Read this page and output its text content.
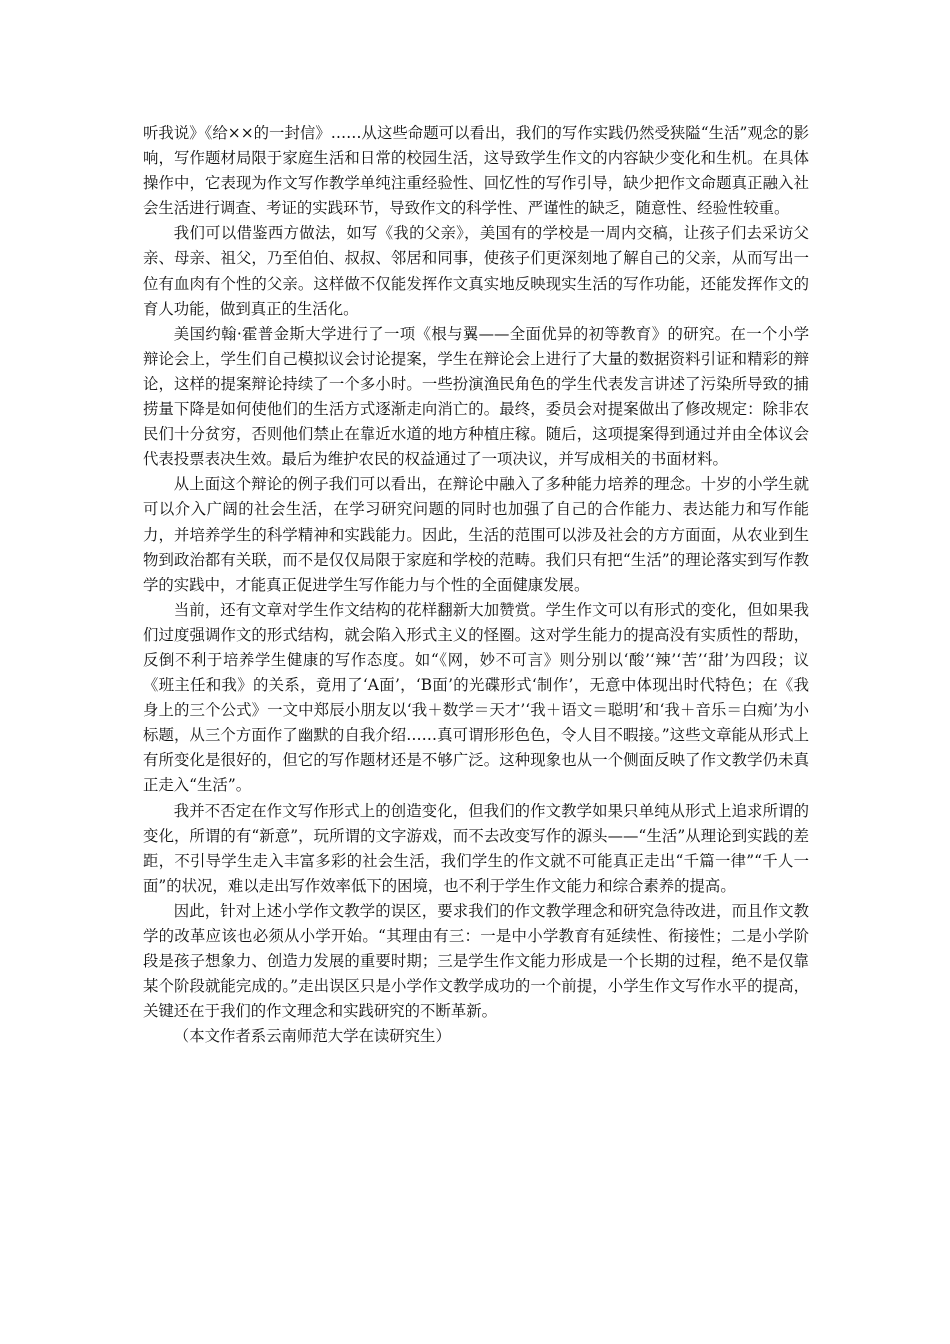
听我说》《给××的一封信》……从这些命题可以看出，我们的写作实践仍然受狭隘“生活”观念的影响，写作题材局限于家庭生活和日常的校园生活，这导致学生作文的内容缺少变化和生机。在具体操作中，它表现为作文写作教学单纯注重经验性、回忆性的写作引导，缺少把作文命题真正融入社会生活进行调查、考证的实践环节，导致作文的科学性、严谨性的缺乏，随意性、经验性较重。

我们可以借鉴西方做法，如写《我的父亲》，美国有的学校是一周内交稿，让孩子们去采访父亲、母亲、祖父，乃至伯伯、叔叔、邻居和同事，使孩子们更深刻地了解自己的父亲，从而写出一位有血肉有个性的父亲。这样做不仅能发挥作文真实地反映现实生活的写作功能，还能发挥作文的育人功能，做到真正的生活化。

美国约翰·霍普金斯大学进行了一项《根与翼——全面优异的初等教育》的研究。在一个小学辩论会上，学生们自己模拟议会讨论提案，学生在辩论会上进行了大量的数据资料引证和精彩的辩论，这样的提案辩论持续了一个多小时。一些扮演渔民角色的学生代表发言讲述了污染所导致的捕捞量下降是如何使他们的生活方式逐渐走向消亡的。最终，委员会对提案做出了修改规定：除非农民们十分贫穷，否则他们禁止在靠近水道的地方种植庄稼。随后，这项提案得到通过并由全体议会代表投票表决生效。最后为维护农民的权益通过了一项决议，并写成相关的书面材料。

从上面这个辩论的例子我们可以看出，在辩论中融入了多种能力培养的理念。十岁的小学生就可以介入广阔的社会生活，在学习研究问题的同时也加强了自己的合作能力、表达能力和写作能力，并培养学生的科学精神和实践能力。因此，生活的范围可以涉及社会的方方面面，从农业到生物到政治都有关联，而不是仅仅局限于家庭和学校的范畴。我们只有把“生活”的理论落实到写作教学的实践中，才能真正促进学生写作能力与个性的全面健康发展。

当前，还有文章对学生作文结构的花样翻新大加赞赏。学生作文可以有形式的变化，但如果我们过度强调作文的形式结构，就会陷入形式主义的怪圈。这对学生能力的提高没有实质性的帮助，反倒不利于培养学生健康的写作态度。如“《网，妙不可言》则分别以‘酸’‘辣’‘苦’‘甜’为四段；议《班主任和我》的关系，竟用了‘A面’，‘B面’的光碟形式‘制作’，无意中体现出时代特色；在《我身上的三个公式》一文中郑辰小朋友以‘我＋数学＝天才’‘我＋语文＝聪明’和‘我＋音乐＝白痴’为小标题，从三个方面作了幽默的自我介绍……真可谓形形色色，令人目不暇接。”这些文章能从形式上有所变化是很好的，但它的写作题材还是不够广泛。这种现象也从一个侧面反映了作文教学仍未真正走入“生活”。

我并不否定在作文写作形式上的创造变化，但我们的作文教学如果只单纯从形式上追求所谓的变化，所谓的有“新意”，玩所谓的文字游戏，而不去改变写作的源头——“生活”从理论到实践的差距，不引导学生走入丰富多彩的社会生活，我们学生的作文就不可能真正走出“千篇一律”“千人一面”的状况，难以走出写作效率低下的困境，也不利于学生作文能力和综合素养的提高。

因此，针对上述小学作文教学的误区，要求我们的作文教学理念和研究急待改进，而且作文教学的改革应该也必须从小学开始。“其理由有三：一是中小学教育有延续性、衔接性；二是小学阶段是孩子想象力、创造力发展的重要时期；三是学生作文能力形成是一个长期的过程，绝不是仅靠某个阶段就能完成的。”走出误区只是小学作文教学成功的一个前提，小学生作文写作水平的提高，关键还在于我们的作文理念和实践研究的不断革新。

（本文作者系云南师范大学在读研究生）
